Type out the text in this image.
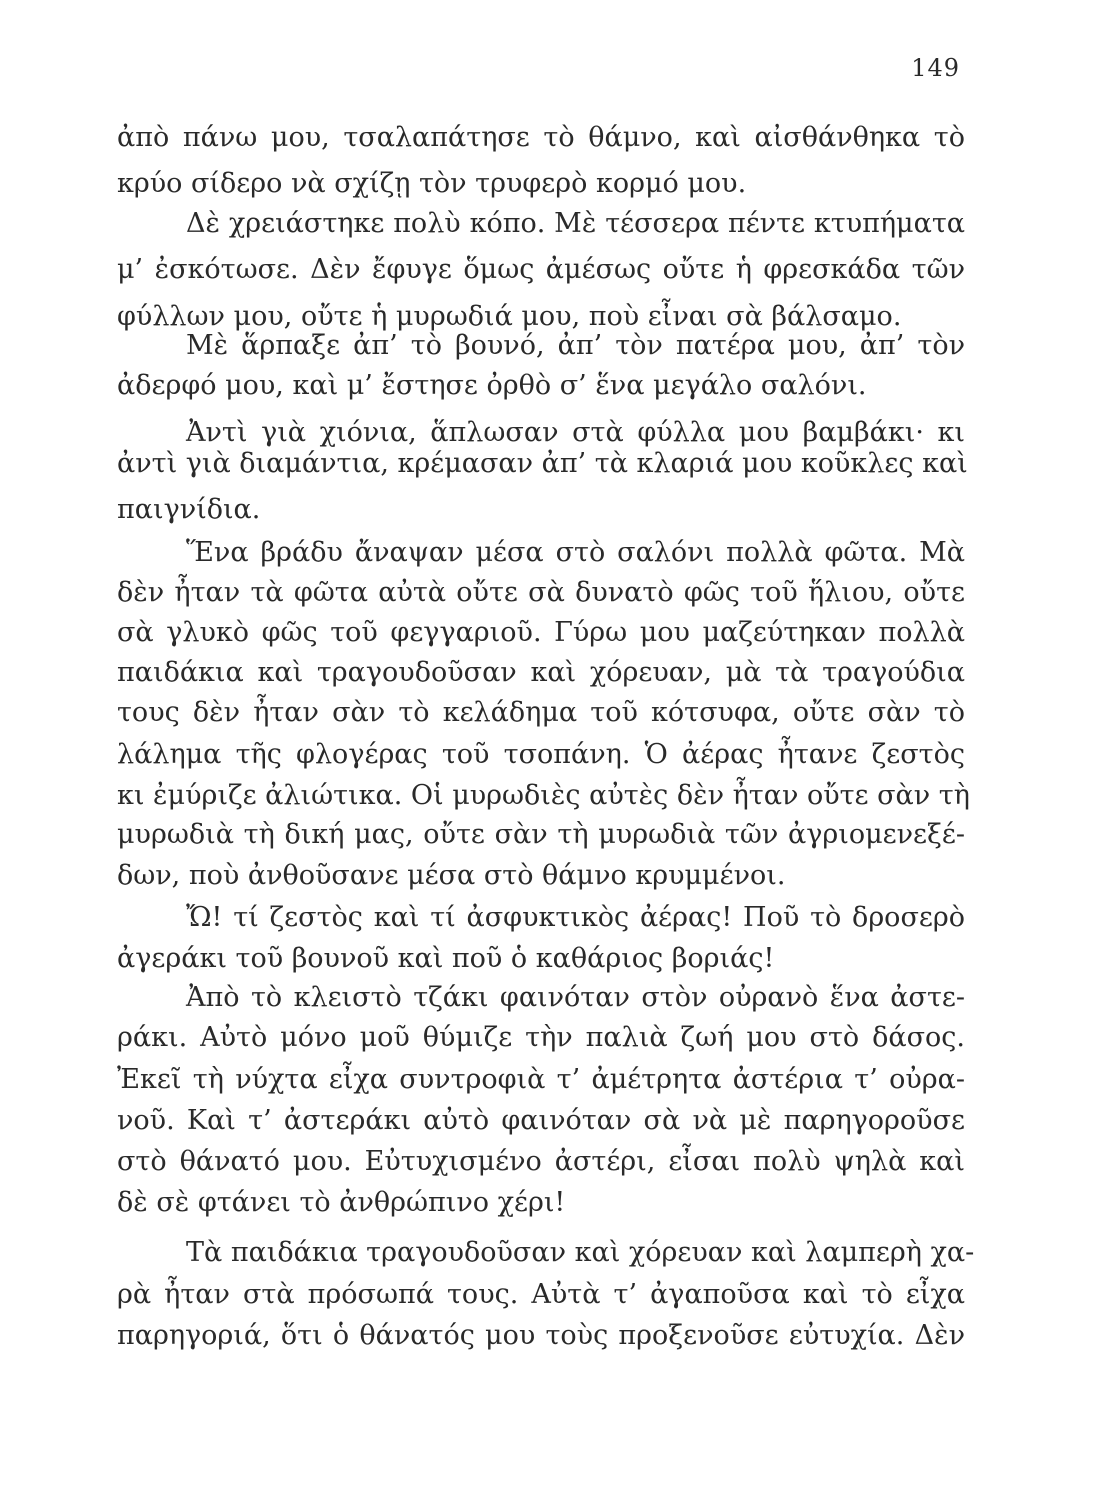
149
ἀπὸ πάνω μου, τσαλαπάτησε τὸ θάμνο, καὶ αἰσθάνθηκα τὸ
κρύο σίδερο νὰ σχίζῃ τὸν τρυφερὸ κορμό μου.
Δὲ χρειάστηκε πολὺ κόπο. Μὲ τέσσερα πέντε κτυπήματα
μ’ ἐσκότωσε. Δὲν ἔφυγε ὅμως ἀμέσως οὔτε ἡ φρεσκάδα τῶν
φύλλων μου, οὔτε ἡ μυρωδιά μου, ποὺ εἶναι σὰ βάλσαμο.
Μὲ ἅρπαξε ἀπ’ τὸ βουνό, ἀπ’ τὸν πατέρα μου, ἀπ’ τὸν
ἀδερφό μου, καὶ μ’ ἔστησε ὀρθὸ σ’ ἕνα μεγάλο σαλόνι.
Ἀντὶ γιὰ χιόνια, ἅπλωσαν στὰ φύλλα μου βαμβάκι· κι
ἀντὶ γιὰ διαμάντια, κρέμασαν ἀπ’ τὰ κλαριά μου κοῦκλες καὶ
παιγνίδια.
Ἕνα βράδυ ἄναψαν μέσα στὸ σαλόνι πολλὰ φῶτα. Μὰ
δὲν ἦταν τὰ φῶτα αὐτὰ οὔτε σὰ δυνατὸ φῶς τοῦ ἥλιου, οὔτε
σὰ γλυκὸ φῶς τοῦ φεγγαριοῦ. Γύρω μου μαζεύτηκαν πολλὰ
παιδάκια καὶ τραγουδοῦσαν καὶ χόρευαν, μὰ τὰ τραγούδια
τους δὲν ἦταν σὰν τὸ κελάδημα τοῦ κότσυφα, οὔτε σὰν τὸ
λάλημα τῆς φλογέρας τοῦ τσοπάνη. Ὁ ἀέρας ἦτανε ζεστὸς
κι ἐμύριζε ἀλιώτικα. Οἱ μυρωδιὲς αὐτὲς δὲν ἦταν οὔτε σὰν τὴ
μυρωδιὰ τὴ δική μας, οὔτε σὰν τὴ μυρωδιὰ τῶν ἀγριομενεξέ-
δων, ποὺ ἀνθοῦσανε μέσα στὸ θάμνο κρυμμένοι.
Ὤ! τί ζεστὸς καὶ τί ἀσφυκτικὸς ἀέρας! Ποῦ τὸ δροσερὸ
ἀγεράκι τοῦ βουνοῦ καὶ ποῦ ὁ καθάριος βοριάς!
Ἀπὸ τὸ κλειστὸ τζάκι φαινόταν στὸν οὐρανὸ ἕνα ἀστε-
ράκι. Αὐτὸ μόνο μοῦ θύμιζε τὴν παλιὰ ζωή μου στὸ δάσος.
Ἐκεῖ τὴ νύχτα εἶχα συντροφιὰ τ’ ἀμέτρητα ἀστέρια τ’ οὐρα-
νοῦ. Καὶ τ’ ἀστεράκι αὐτὸ φαινόταν σὰ νὰ μὲ παρηγοροῦσε
στὸ θάνατό μου. Εὐτυχισμένο ἀστέρι, εἶσαι πολὺ ψηλὰ καὶ
δὲ σὲ φτάνει τὸ ἀνθρώπινο χέρι!
Τὰ παιδάκια τραγουδοῦσαν καὶ χόρευαν καὶ λαμπερὴ χα-
ρὰ ἦταν στὰ πρόσωπά τους. Αὐτὰ τ’ ἀγαποῦσα καὶ τὸ εἶχα
παρηγοριά, ὅτι ὁ θάνατός μου τοὺς προξενοῦσε εὐτυχία. Δὲν
